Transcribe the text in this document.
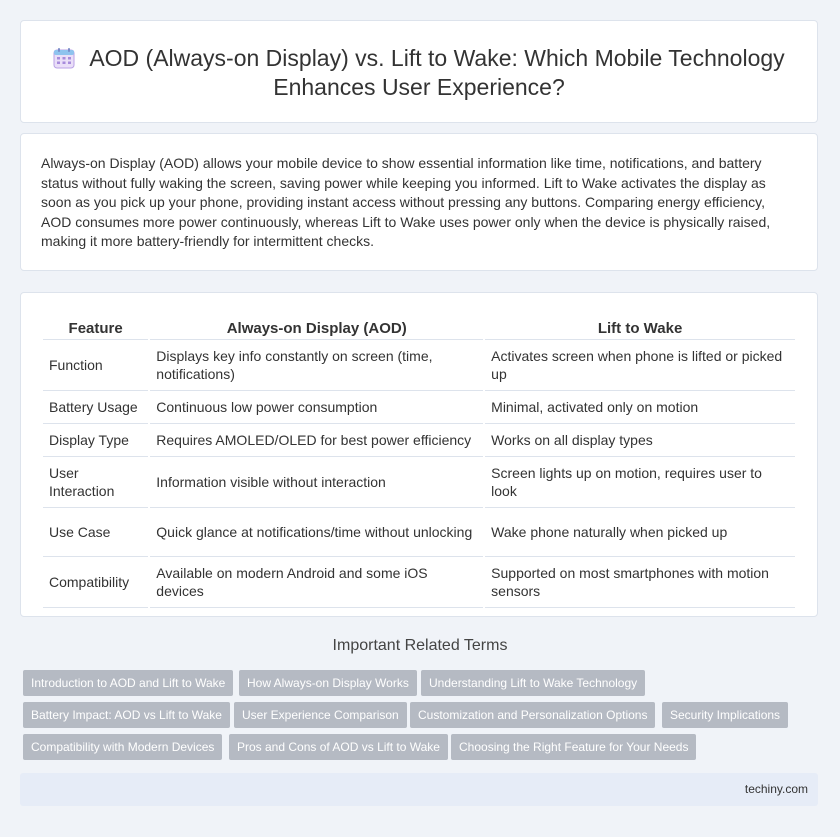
AOD (Always-on Display) vs. Lift to Wake: Which Mobile Technology Enhances User Experience?
Always-on Display (AOD) allows your mobile device to show essential information like time, notifications, and battery status without fully waking the screen, saving power while keeping you informed. Lift to Wake activates the display as soon as you pick up your phone, providing instant access without pressing any buttons. Comparing energy efficiency, AOD consumes more power continuously, whereas Lift to Wake uses power only when the device is physically raised, making it more battery-friendly for intermittent checks.
Feature	Always-on Display (AOD)	Lift to Wake
Function	Displays key info constantly on screen (time, notifications)	Activates screen when phone is lifted or picked up
Battery Usage	Continuous low power consumption	Minimal, activated only on motion
Display Type	Requires AMOLED/OLED for best power efficiency	Works on all display types
User Interaction	Information visible without interaction	Screen lights up on motion, requires user to look
Use Case	Quick glance at notifications/time without unlocking	Wake phone naturally when picked up
Compatibility	Available on modern Android and some iOS devices	Supported on most smartphones with motion sensors
Important Related Terms
Introduction to AOD and Lift to Wake	How Always-on Display Works	Understanding Lift to Wake Technology
Battery Impact: AOD vs Lift to Wake	User Experience Comparison	Customization and Personalization Options	Security Implications
Compatibility with Modern Devices	Pros and Cons of AOD vs Lift to Wake	Choosing the Right Feature for Your Needs
techiny.com
